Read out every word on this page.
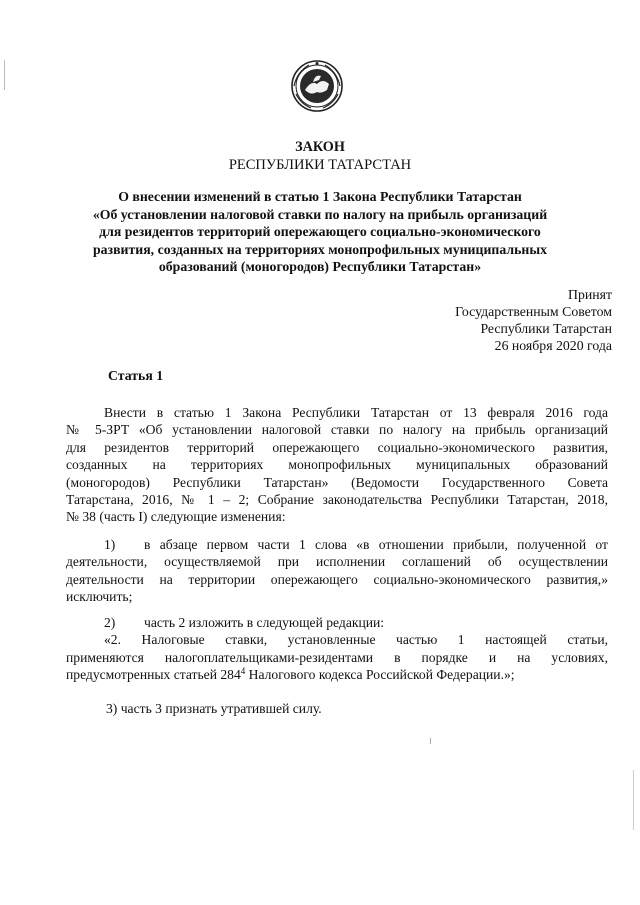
ЗАКОН
РЕСПУБЛИКИ ТАТАРСТАН
О внесении изменений в статью 1 Закона Республики Татарстан
«Об установлении налоговой ставки по налогу на прибыль организаций
для резидентов территорий опережающего социально-экономического
развития, созданных на территориях монопрофильных муниципальных
образований (моногородов) Республики Татарстан»
Принят
Государственным Советом
Республики Татарстан
26 ноября 2020 года
Статья 1
Внести в статью 1 Закона Республики Татарстан от 13 февраля 2016 года
№ 5-ЗРТ «Об установлении налоговой ставки по налогу на прибыль организаций
для резидентов территорий опережающего социально-экономического развития,
созданных на территориях монопрофильных муниципальных образований
(моногородов) Республики Татарстан» (Ведомости Государственного Совета
Татарстана, 2016, № 1 – 2; Собрание законодательства Республики Татарстан, 2018,
№ 38 (часть I) следующие изменения:
1) в абзаце первом части 1 слова «в отношении прибыли, полученной от
деятельности, осуществляемой при исполнении соглашений об осуществлении
деятельности на территории опережающего социально-экономического развития,»
исключить;
2) часть 2 изложить в следующей редакции:
«2. Налоговые ставки, установленные частью 1 настоящей статьи,
применяются налогоплательщиками-резидентами в порядке и на условиях,
предусмотренных статьей $284^4$ Налогового кодекса Российской Федерации.»;
3) часть 3 признать утратившей силу.
